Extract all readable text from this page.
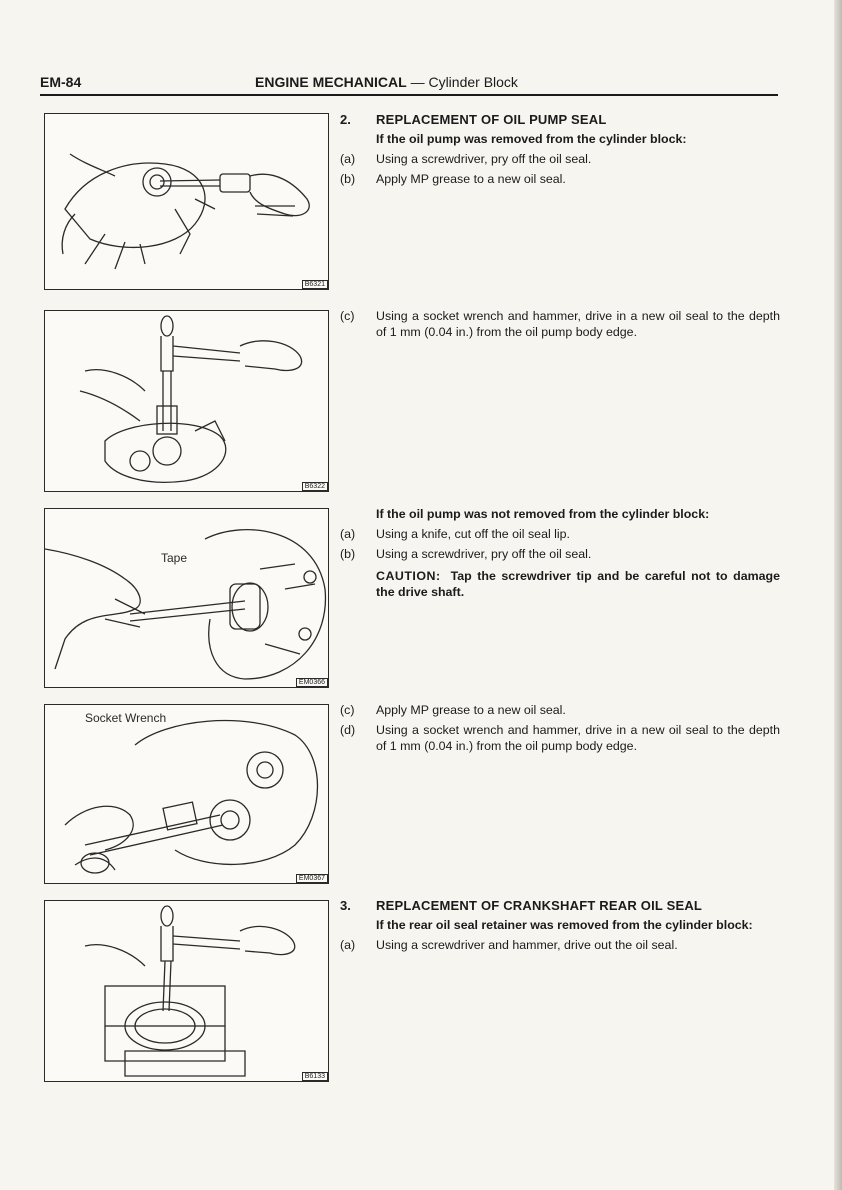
EM-84	ENGINE MECHANICAL — Cylinder Block
B6321
B6322
Tape
EM0366
Socket Wrench
EM0367
B6133
2.	REPLACEMENT OF OIL PUMP SEAL
If the oil pump was removed from the cylinder block:
(a) Using a screwdriver, pry off the oil seal.
(b) Apply MP grease to a new oil seal.
(c) Using a socket wrench and hammer, drive in a new oil seal to the depth of 1 mm (0.04 in.) from the oil pump body edge.
If the oil pump was not removed from the cylinder block:
(a) Using a knife, cut off the oil seal lip.
(b) Using a screwdriver, pry off the oil seal.
CAUTION: Tap the screwdriver tip and be careful not to damage the drive shaft.
(c) Apply MP grease to a new oil seal.
(d) Using a socket wrench and hammer, drive in a new oil seal to the depth of 1 mm (0.04 in.) from the oil pump body edge.
3.	REPLACEMENT OF CRANKSHAFT REAR OIL SEAL
If the rear oil seal retainer was removed from the cylinder block:
(a) Using a screwdriver and hammer, drive out the oil seal.
